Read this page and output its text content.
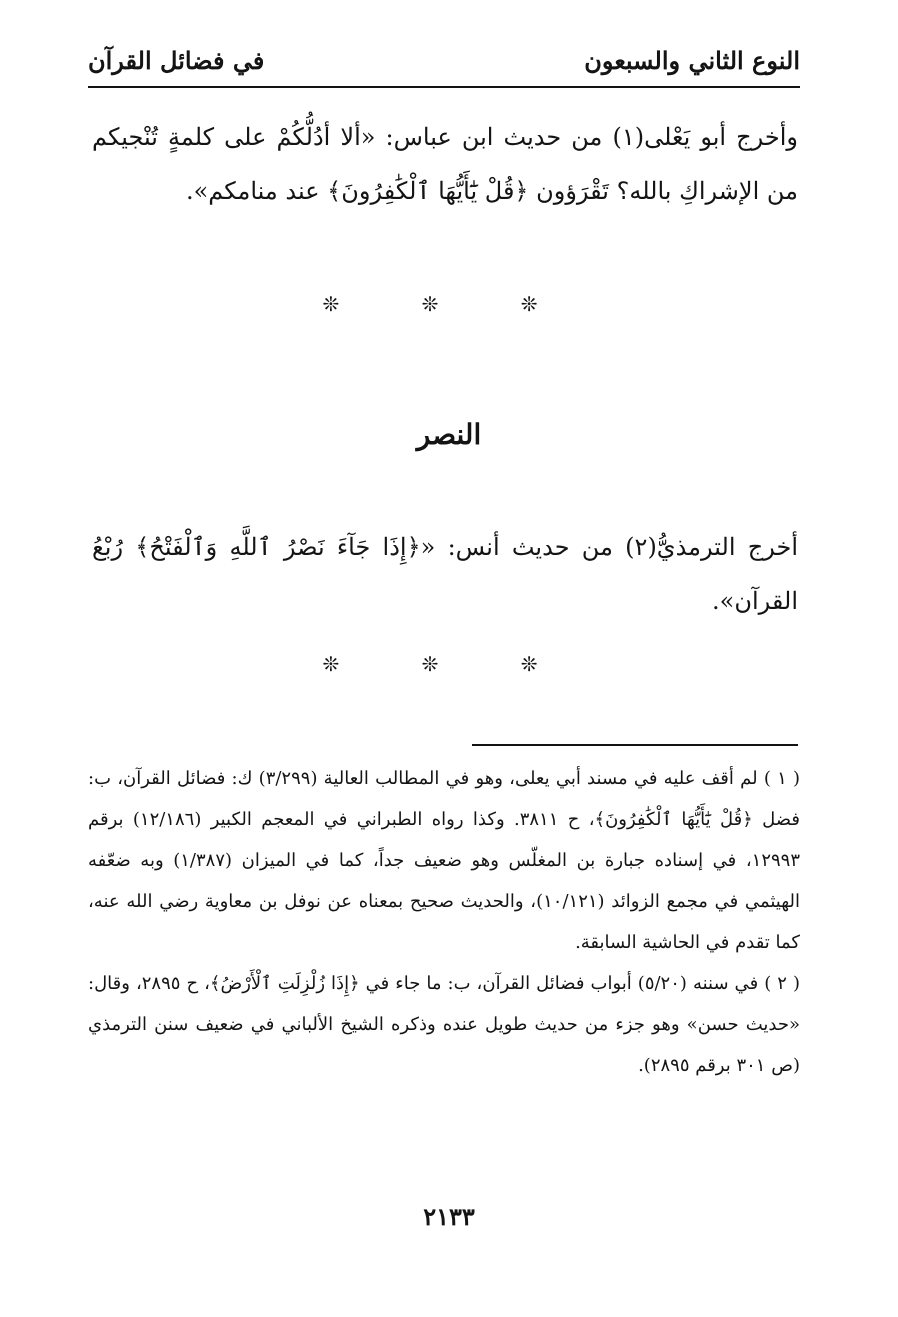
النوع الثاني والسبعون
في فضائل القرآن

وأخرج أبو يَعْلى(١) من حديث ابن عباس: «ألا أدُلُّكُمْ على كلمةٍ تُنْجيكم من الإشراكِ بالله؟ تَقْرَؤون ﴿قُلْ يَٰٓأَيُّهَا ٱلْكَٰفِرُونَ﴾ عند منامكم».

❊ ❊ ❊
النصر

أخرج الترمذيُّ(٢) من حديث أنس: «﴿إِذَا جَآءَ نَصْرُ ٱللَّهِ وَٱلْفَتْحُ﴾ رُبْعُ القرآن».

❊ ❊ ❊

( ١ ) لم أقف عليه في مسند أبي يعلى، وهو في المطالب العالية (٣/٢٩٩) ك: فضائل القرآن، ب: فضل ﴿قُلْ يَٰٓأَيُّهَا ٱلْكَٰفِرُونَ﴾، ح ٣٨١١. وكذا رواه الطبراني في المعجم الكبير (١٢/١٨٦) برقم ١٢٩٩٣، في إسناده جبارة بن المغلّس وهو ضعيف جداً، كما في الميزان (١/٣٨٧) وبه ضعّفه الهيثمي في مجمع الزوائد (١٠/١٢١)، والحديث صحيح بمعناه عن نوفل بن معاوية رضي الله عنه، كما تقدم في الحاشية السابقة.

( ٢ ) في سننه (٥/٢٠) أبواب فضائل القرآن، ب: ما جاء في ﴿إِذَا زُلْزِلَتِ ٱلْأَرْضُ﴾، ح ٢٨٩٥، وقال: «حديث حسن» وهو جزء من حديث طويل عنده وذكره الشيخ الألباني في ضعيف سنن الترمذي (ص ٣٠١ برقم ٢٨٩٥).

٢١٣٣
